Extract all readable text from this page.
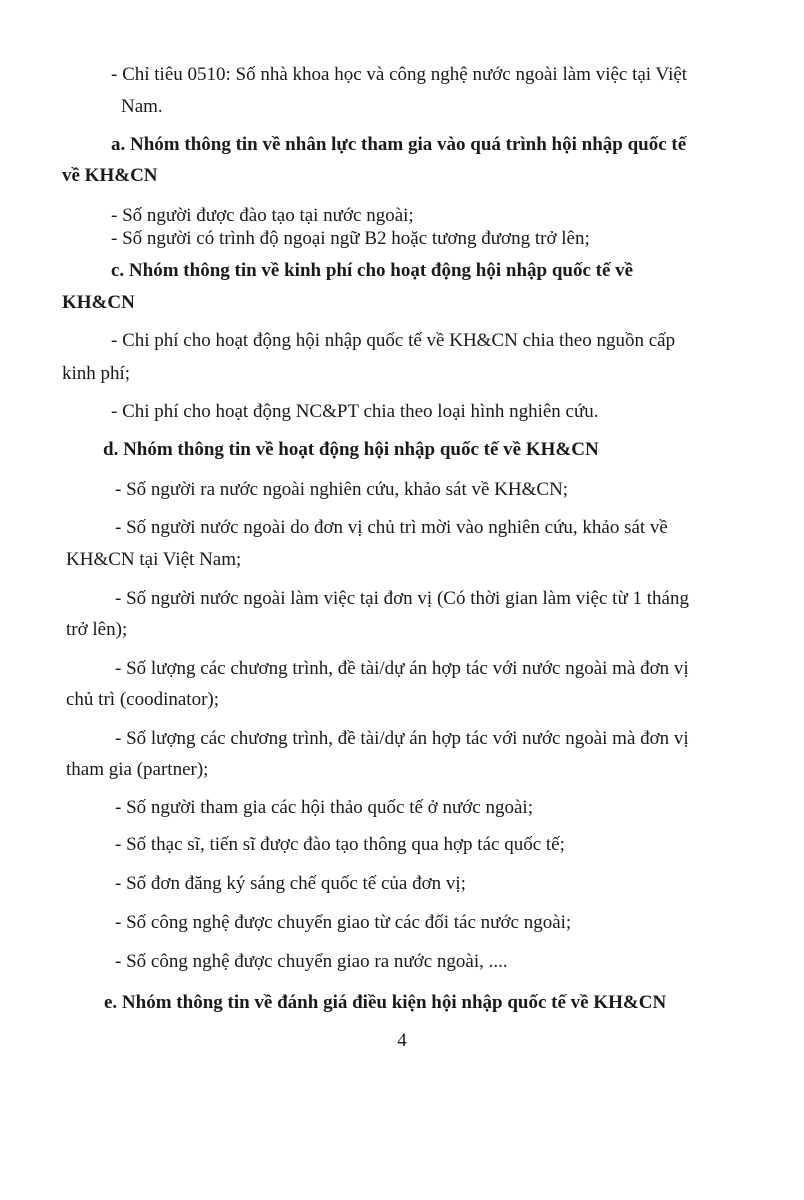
- Chỉ tiêu 0510: Số nhà khoa học và công nghệ nước ngoài làm việc tại Việt
Nam.
a. Nhóm thông tin về nhân lực tham gia vào quá trình hội nhập quốc tế
về KH&CN
- Số người được đào tạo tại nước ngoài;
- Số người có trình độ ngoại ngữ B2 hoặc tương đương trở lên;
c. Nhóm thông tin về kinh phí cho hoạt động hội nhập quốc tế về
KH&CN
- Chi phí cho hoạt động hội nhập quốc tế về KH&CN chia theo nguồn cấp
kinh phí;
- Chi phí cho hoạt động NC&PT chia theo loại hình nghiên cứu.
d. Nhóm thông tin về hoạt động hội nhập quốc tế về KH&CN
- Số người ra nước ngoài nghiên cứu, khảo sát về KH&CN;
- Số người nước ngoài do đơn vị chủ trì mời vào nghiên cứu, khảo sát về
KH&CN tại Việt Nam;
- Số người nước ngoài làm việc tại đơn vị (Có thời gian làm việc từ 1 tháng
trở lên);
- Số lượng các chương trình, đề tài/dự án hợp tác với nước ngoài mà đơn vị
chủ trì (coodinator);
- Số lượng các chương trình, đề tài/dự án hợp tác với nước ngoài mà đơn vị
tham gia (partner);
- Số người tham gia các hội thảo quốc tế ở nước ngoài;
- Số thạc sĩ, tiến sĩ được đào tạo thông qua hợp tác quốc tế;
- Số đơn đăng ký sáng chế quốc tế của đơn vị;
- Số công nghệ được chuyển giao từ các đối tác nước ngoài;
- Số công nghệ được chuyển giao ra nước ngoài, ....
e. Nhóm thông tin về đánh giá điều kiện hội nhập quốc tế về KH&CN
4
